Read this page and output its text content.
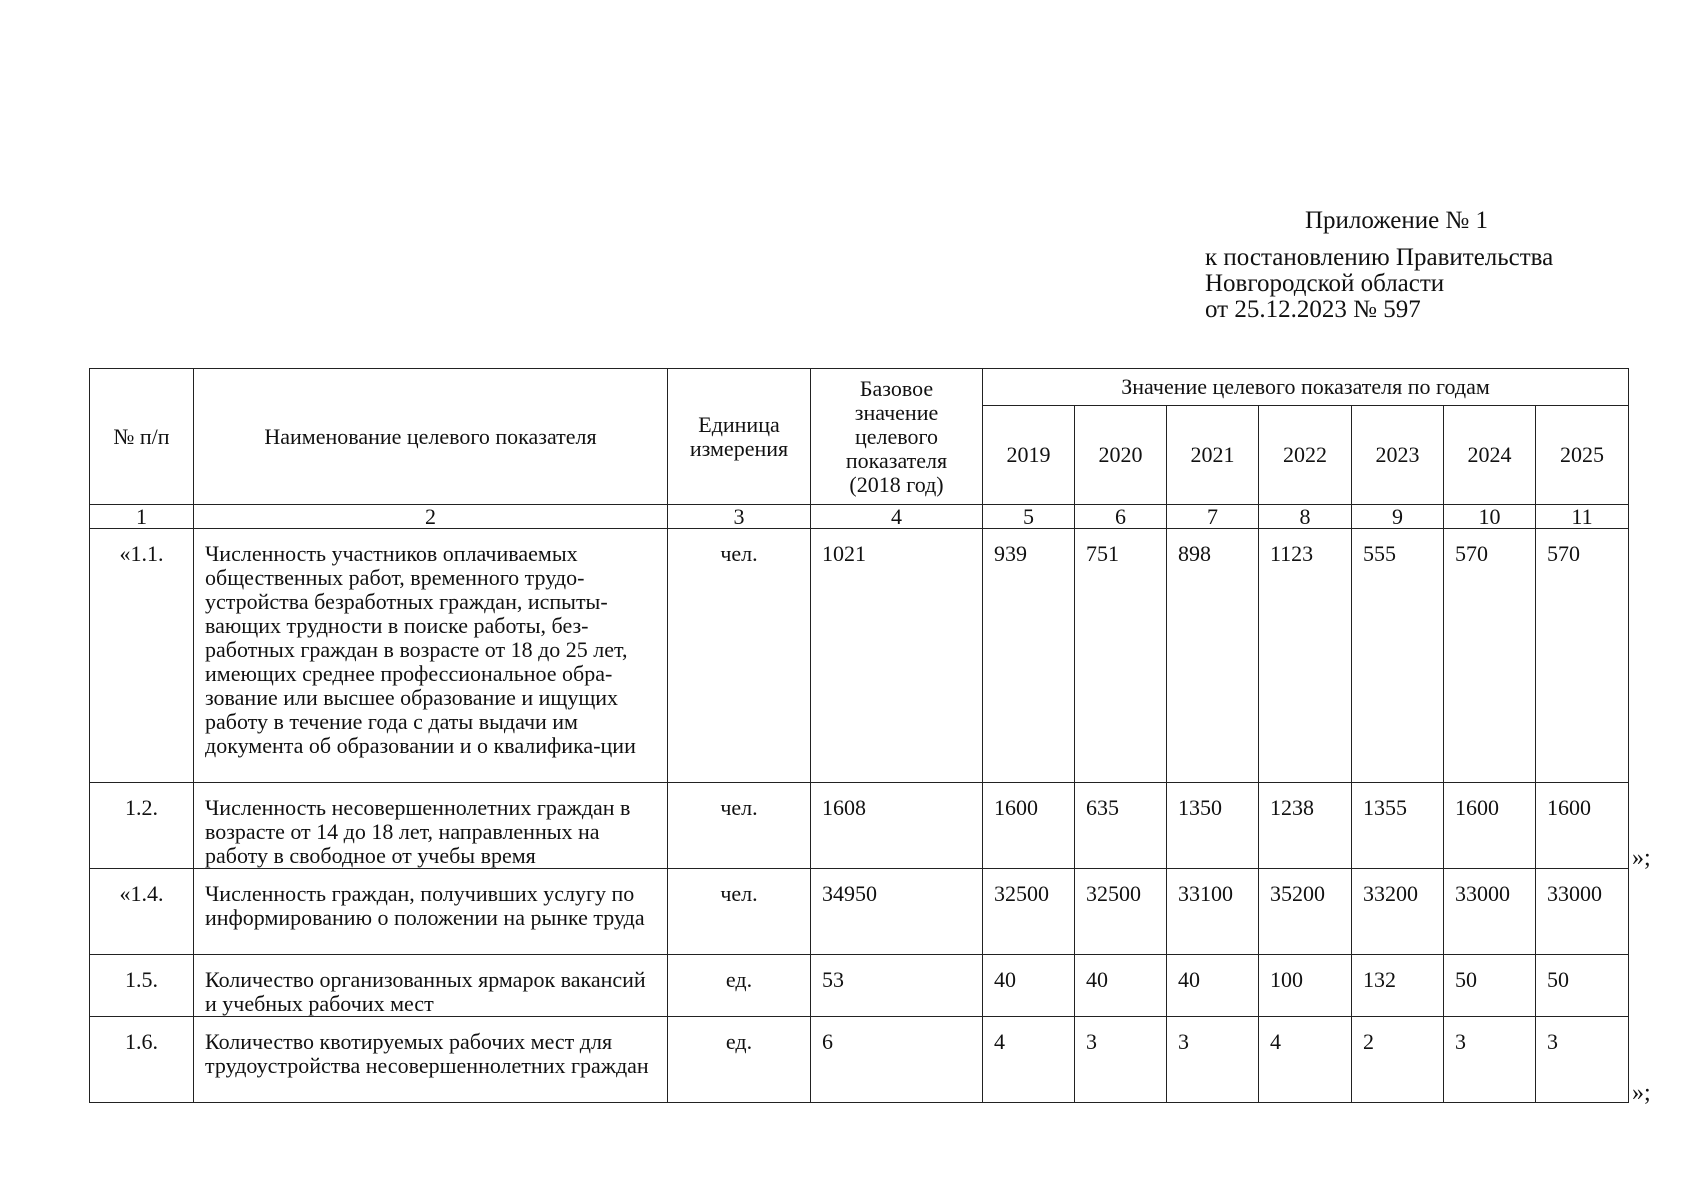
Приложение № 1
к постановлению Правительства
Новгородской области
от 25.12.2023 № 597
№ п/п	Наименование целевого показателя	Единица измерения	Базовое значение целевого показателя (2018 год)	Значение целевого показателя по годам						
				2019	2020	2021	2022	2023	2024	2025
1	2	3	4	5	6	7	8	9	10	11
«1.1.	Численность участников оплачиваемых общественных работ, временного трудо-устройства безработных граждан, испыты-вающих трудности в поиске работы, без-работных граждан в возрасте от 18 до 25 лет, имеющих среднее профессиональное обра-зование или высшее образование и ищущих работу в течение года с даты выдачи им документа об образовании и о квалифика-ции	чел.	1021	939	751	898	1123	555	570	570
1.2.	Численность несовершеннолетних граждан в возрасте от 14 до 18 лет, направленных на работу в свободное от учебы время	чел.	1608	1600	635	1350	1238	1355	1600	1600
«1.4.	Численность граждан, получивших услугу по информированию о положении на рынке труда	чел.	34950	32500	32500	33100	35200	33200	33000	33000
1.5.	Количество организованных ярмарок вакансий и учебных рабочих мест	ед.	53	40	40	40	100	132	50	50
1.6.	Количество квотируемых рабочих мест для трудоустройства несовершеннолетних граждан	ед.	6	4	3	3	4	2	3	3
»;
»;
